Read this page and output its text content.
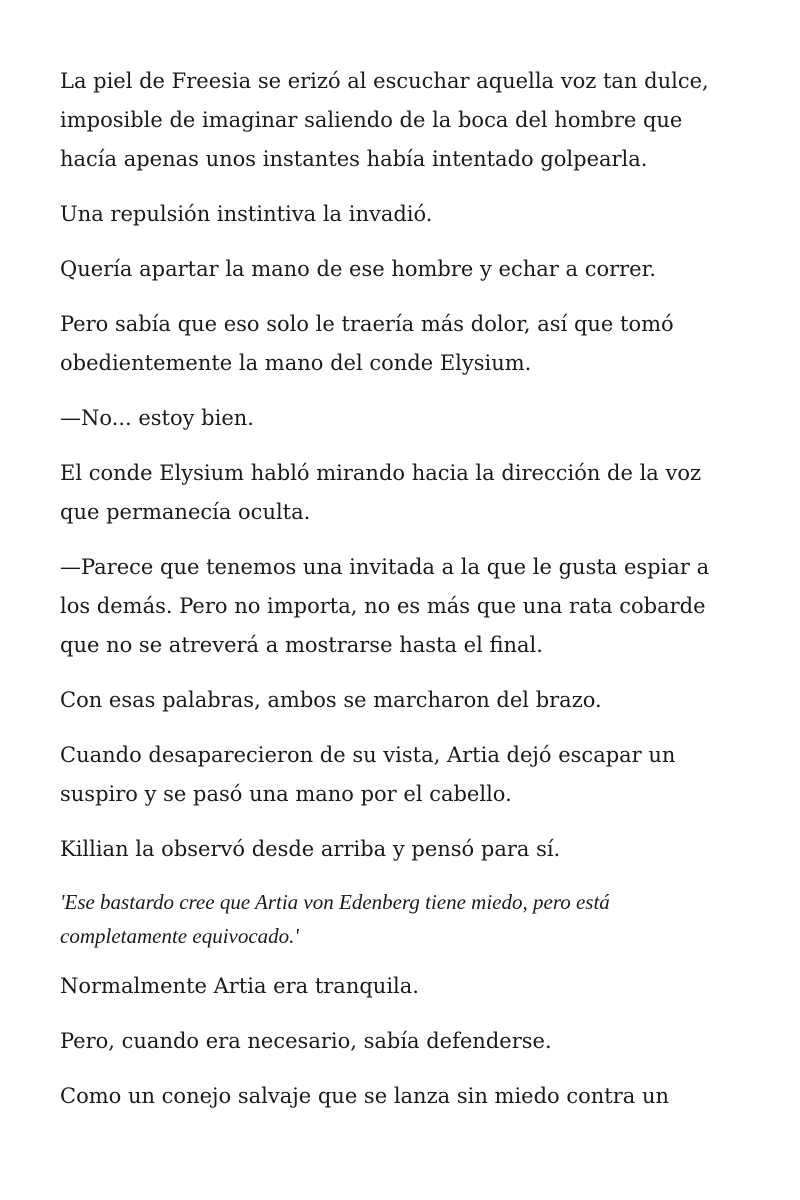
La piel de Freesia se erizó al escuchar aquella voz tan dulce,
imposible de imaginar saliendo de la boca del hombre que
hacía apenas unos instantes había intentado golpearla.

Una repulsión instintiva la invadió.

Quería apartar la mano de ese hombre y echar a correr.

Pero sabía que eso solo le traería más dolor, así que tomó
obedientemente la mano del conde Elysium.

—No... estoy bien.

El conde Elysium habló mirando hacia la dirección de la voz
que permanecía oculta.

—Parece que tenemos una invitada a la que le gusta espiar a
los demás. Pero no importa, no es más que una rata cobarde
que no se atreverá a mostrarse hasta el final.

Con esas palabras, ambos se marcharon del brazo.

Cuando desaparecieron de su vista, Artia dejó escapar un
suspiro y se pasó una mano por el cabello.

Killian la observó desde arriba y pensó para sí.

'Ese bastardo cree que Artia von Edenberg tiene miedo, pero está
completamente equivocado.'

Normalmente Artia era tranquila.

Pero, cuando era necesario, sabía defenderse.

Como un conejo salvaje que se lanza sin miedo contra un
